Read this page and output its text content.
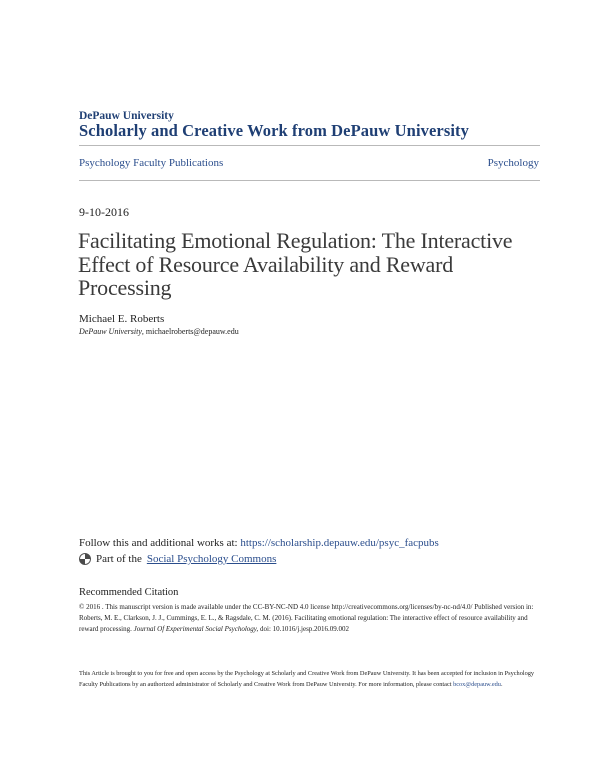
DePauw University
Scholarly and Creative Work from DePauw University
Psychology Faculty Publications	Psychology
9-10-2016
Facilitating Emotional Regulation: The Interactive Effect of Resource Availability and Reward Processing
Michael E. Roberts
DePauw University, michaelroberts@depauw.edu
Follow this and additional works at: https://scholarship.depauw.edu/psyc_facpubs
Part of the Social Psychology Commons
Recommended Citation
© 2016 . This manuscript version is made available under the CC-BY-NC-ND 4.0 license http://creativecommons.org/licenses/by-nc-nd/4.0/ Published version in: Roberts, M. E., Clarkson, J. J., Cummings, E. L., & Ragsdale, C. M. (2016). Facilitating emotional regulation: The interactive effect of resource availability and reward processing. Journal Of Experimental Social Psychology, doi: 10.1016/j.jesp.2016.09.002
This Article is brought to you for free and open access by the Psychology at Scholarly and Creative Work from DePauw University. It has been accepted for inclusion in Psychology Faculty Publications by an authorized administrator of Scholarly and Creative Work from DePauw University. For more information, please contact bcox@depauw.edu.
